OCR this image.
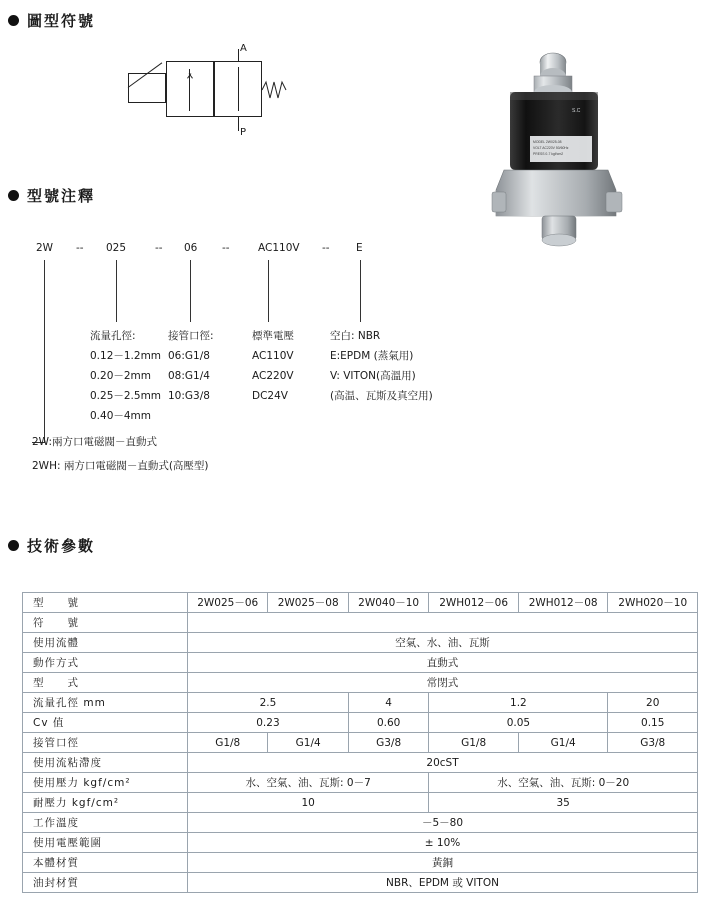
圖型符號
A
P
MODEL 2W025-08
VOLT AC220V 50/60Hz
PRESS 0-7 kgf/cm2
S.C
型號注釋
2W -- 025	-- 06 --	AC110V --	E
流量孔徑:
0.12－1.2mm
0.20－2mm
0.25－2.5mm
0.40－4mm
接管口徑:
06:G1∕8
08:G1∕4
10:G3∕8
標準電壓
AC110V
AC220V
DC24V
空白: NBR
E:EPDM (蒸氣用)
V: VITON(高溫用)
(高温、瓦斯及真空用)
2W:兩方口電磁閥－直動式
2WH: 兩方口電磁閥－直動式(高壓型)
技術參數
型　　號	2W025－06	2W025－08	2W040－10	2WH012－06	2WH012－08	2WH020－10
符　　號						
使用流體	空氣、水、油、瓦斯					
動作方式	直動式					
型　　式	常閉式					
流量孔徑 mm	2.5		4	1.2		20
Cv 值	0.23		0.60	0.05		0.15
接管口徑	G1∕8	G1∕4	G3∕8	G1∕8	G1∕4	G3∕8
使用流粘滯度	20cST					
使用壓力 kgf∕cm²	水、空氣、油、瓦斯: 0－7			水、空氣、油、瓦斯: 0－20		
耐壓力 kgf∕cm²	10			35		
工作溫度	－5－80					
使用電壓範圍	± 10%					
本體材質	黃銅					
油封材質	NBR、EPDM 或 VITON					
